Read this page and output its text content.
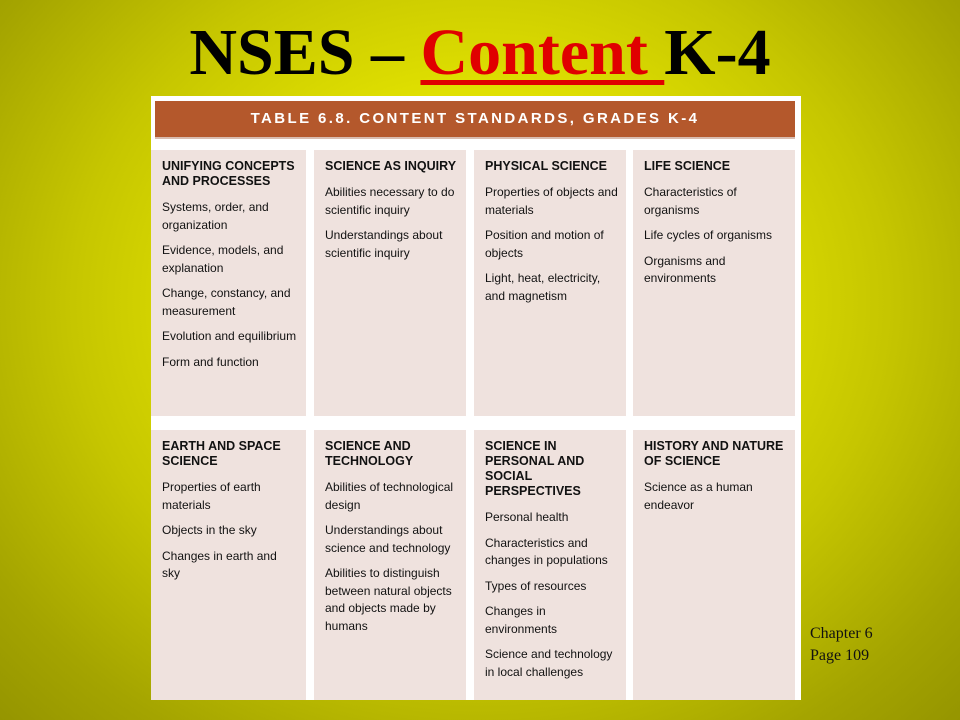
NSES – Content K-4
TABLE 6.8. CONTENT STANDARDS, GRADES K-4
UNIFYING CONCEPTS AND PROCESSES
Systems, order, and organization
Evidence, models, and explanation
Change, constancy, and measurement
Evolution and equilibrium
Form and function
SCIENCE AS INQUIRY
Abilities necessary to do scientific inquiry
Understandings about scientific inquiry
PHYSICAL SCIENCE
Properties of objects and materials
Position and motion of objects
Light, heat, electricity, and magnetism
LIFE SCIENCE
Characteristics of organisms
Life cycles of organisms
Organisms and environments
EARTH AND SPACE SCIENCE
Properties of earth materials
Objects in the sky
Changes in earth and sky
SCIENCE AND TECHNOLOGY
Abilities of technological design
Understandings about science and technology
Abilities to distinguish between natural objects and objects made by humans
SCIENCE IN PERSONAL AND SOCIAL PERSPECTIVES
Personal health
Characteristics and changes in populations
Types of resources
Changes in environments
Science and technology in local challenges
HISTORY AND NATURE OF SCIENCE
Science as a human endeavor
Chapter 6
Page 109
